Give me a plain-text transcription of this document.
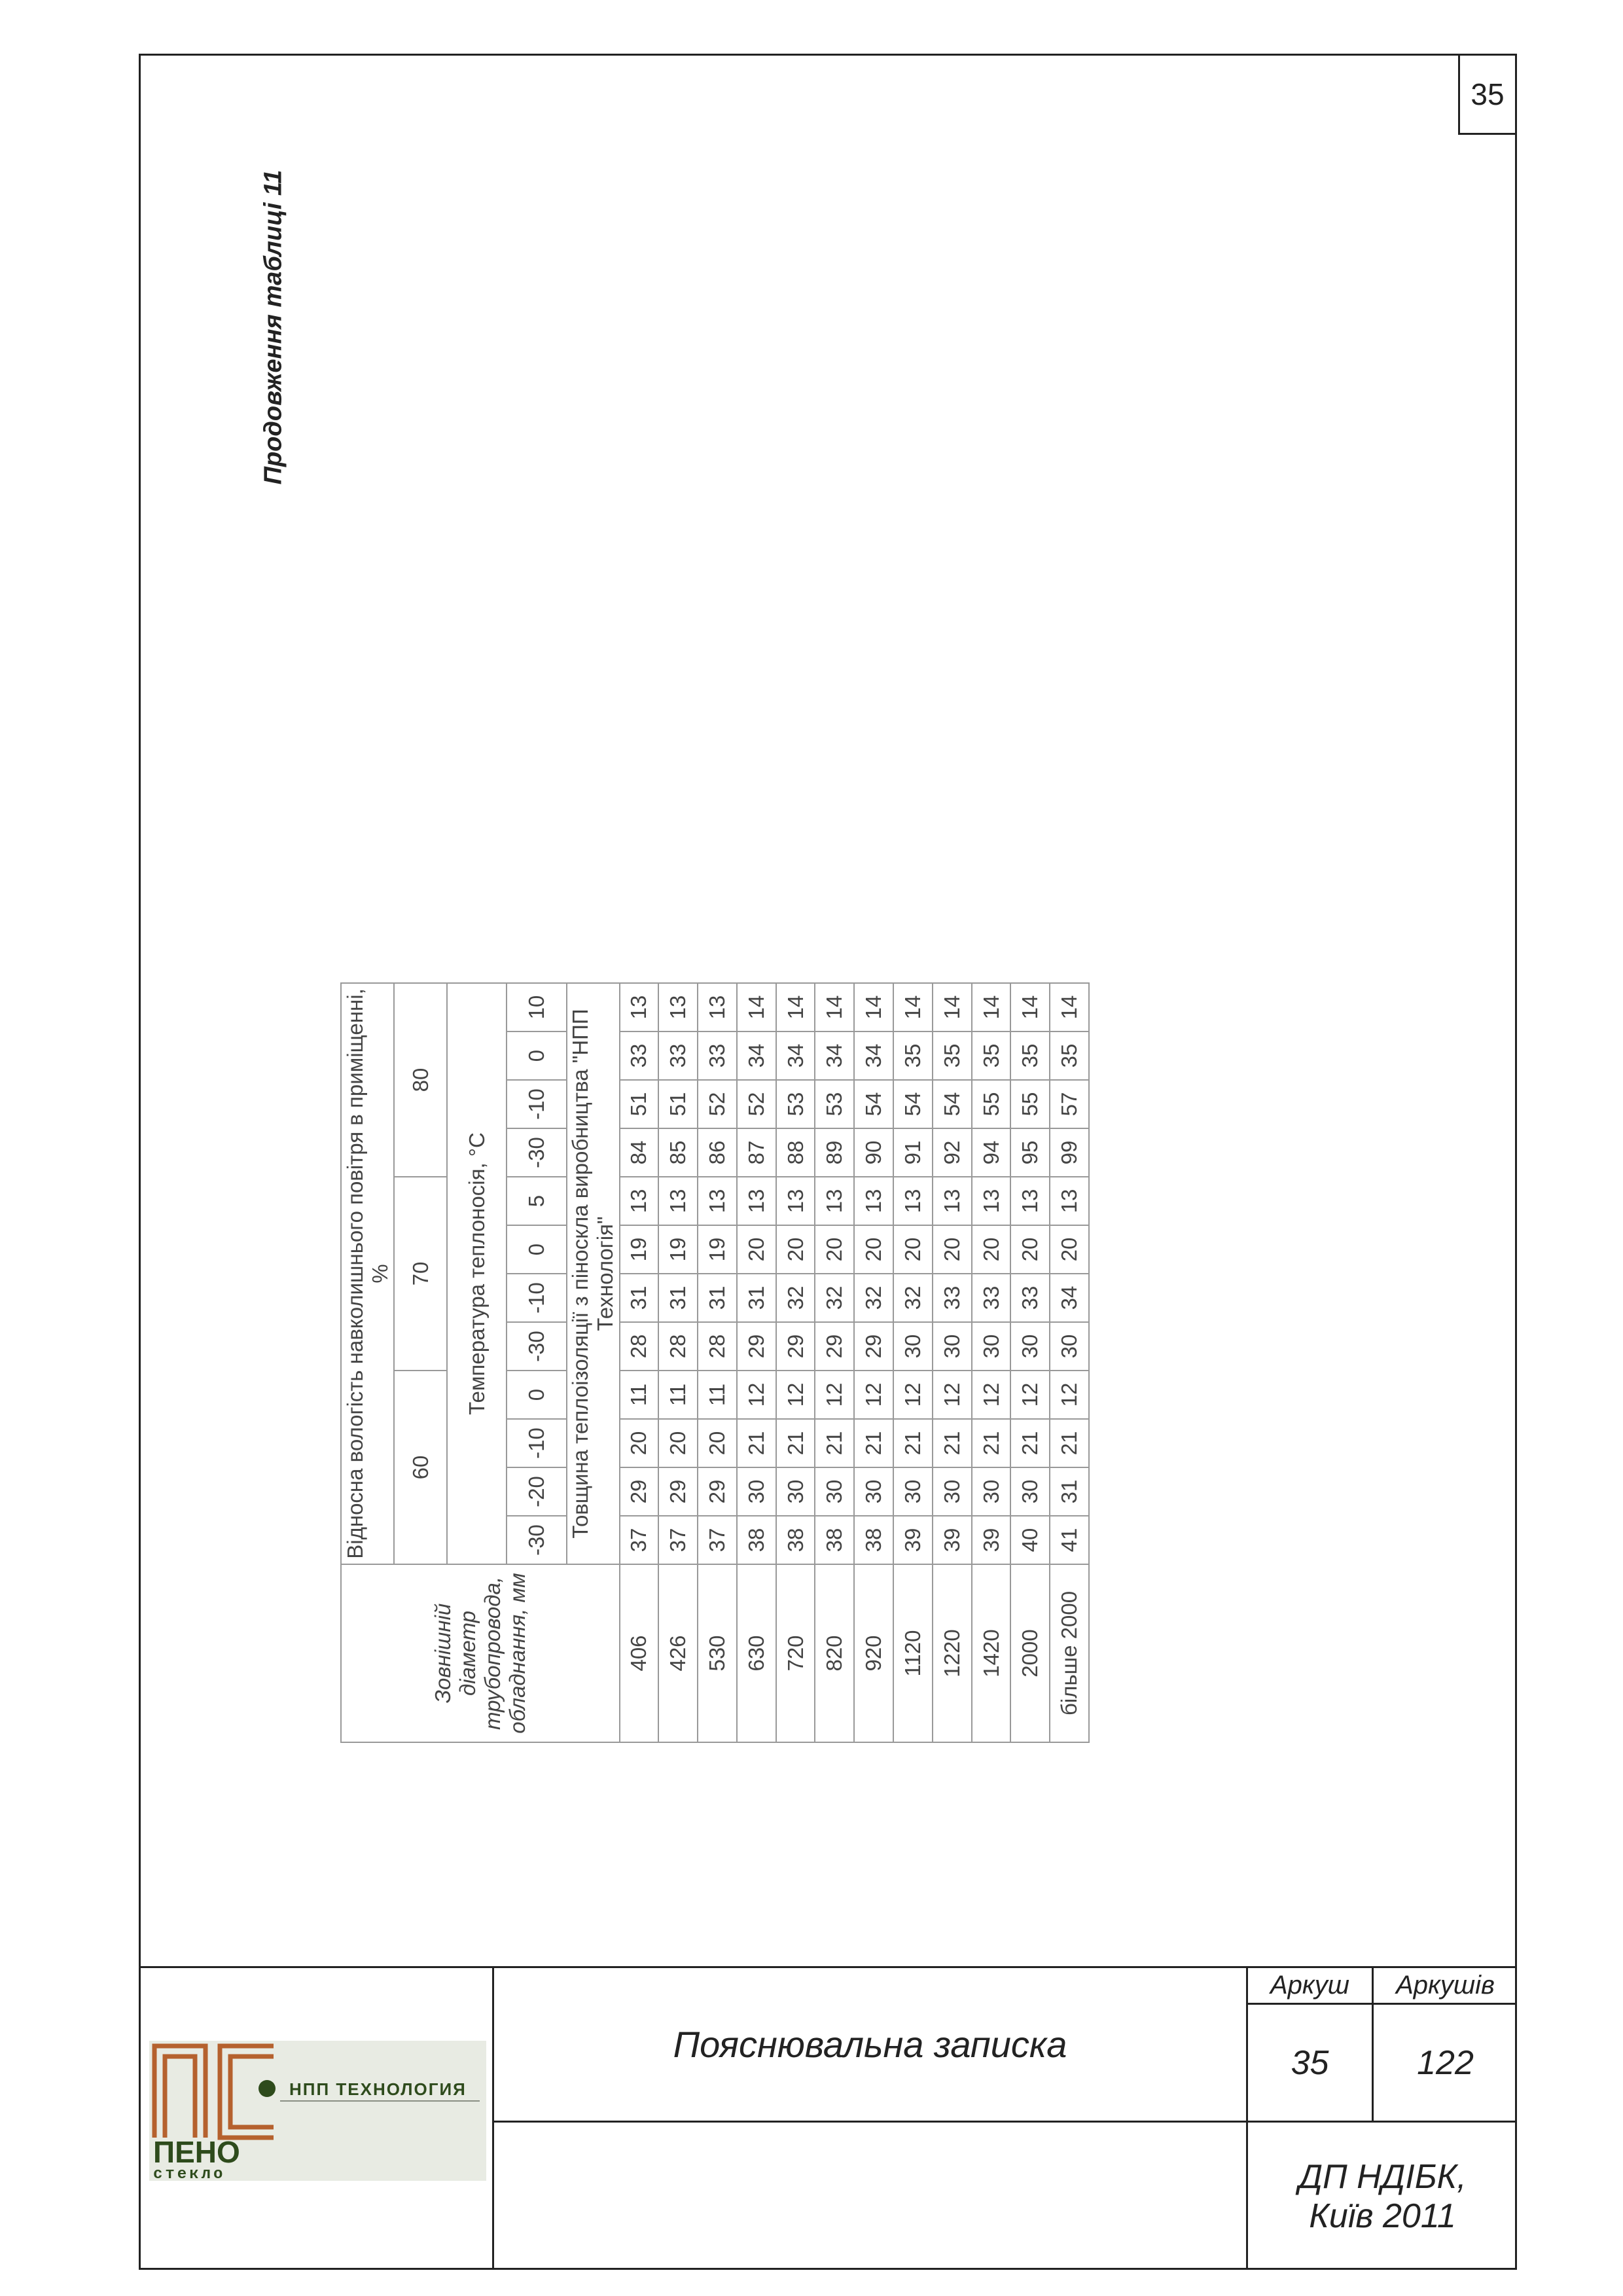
35
Продовження таблиці 11
Зовнішній діаметр трубопровода, обладнання, мм	Відносна вологість навколишнього повітря в приміщенні, %											
	60				70				80			
	Температура теплоносія, °С											
	-30	-20	-10	0	-30	-10	0	5	-30	-10	0	10
	Товщина теплоізоляції з піноскла виробництва "НПП Технологія"											
406	37	29	20	11	28	31	19	13	84	51	33	13
426	37	29	20	11	28	31	19	13	85	51	33	13
530	37	29	20	11	28	31	19	13	86	52	33	13
630	38	30	21	12	29	31	20	13	87	52	34	14
720	38	30	21	12	29	32	20	13	88	53	34	14
820	38	30	21	12	29	32	20	13	89	53	34	14
920	38	30	21	12	29	32	20	13	90	54	34	14
1120	39	30	21	12	30	32	20	13	91	54	35	14
1220	39	30	21	12	30	33	20	13	92	54	35	14
1420	39	30	21	12	30	33	20	13	94	55	35	14
2000	40	30	21	12	30	33	20	13	95	55	35	14
більше 2000	41	31	21	12	30	34	20	13	99	57	35	14
Пояснювальна записка
Аркуш	Аркушів
35	122
ДП НДІБК, Київ 2011
НПП ТЕХНОЛОГИЯ
ПЕНО
стекло
